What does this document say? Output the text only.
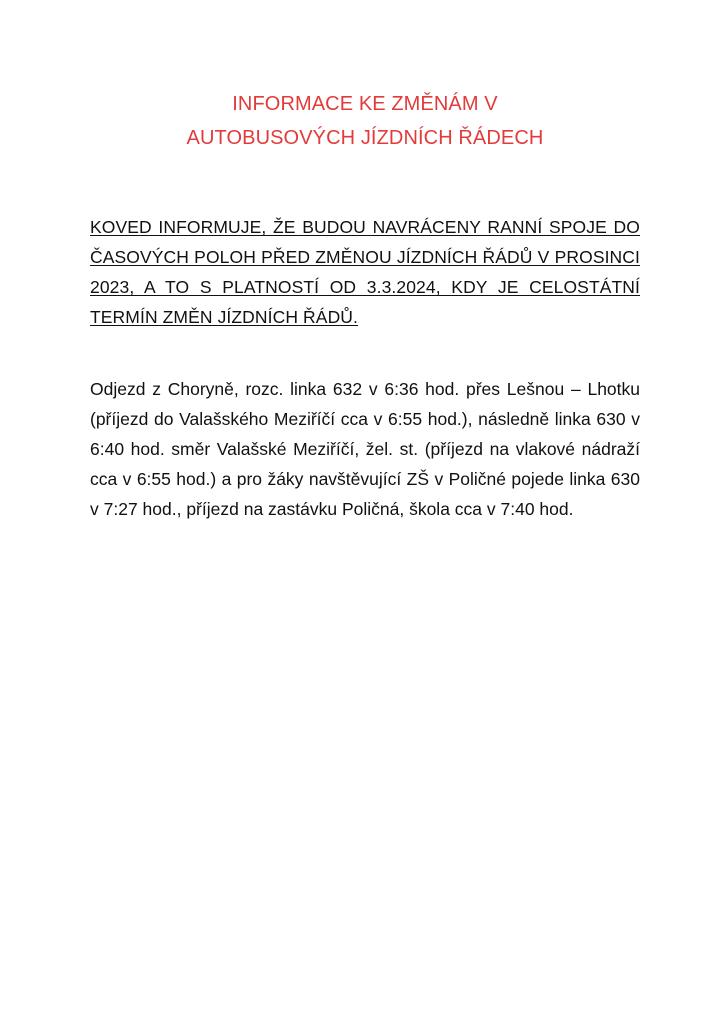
INFORMACE KE ZMĚNÁM V
AUTOBUSOVÝCH JÍZDNÍCH ŘÁDECH

KOVED INFORMUJE, ŽE BUDOU NAVRÁCENY RANNÍ SPOJE DO ČASOVÝCH POLOH PŘED ZMĚNOU JÍZDNÍCH ŘÁDŮ V PROSINCI 2023, A TO S PLATNOSTÍ OD 3.3.2024, KDY JE CELOSTÁTNÍ TERMÍN ZMĚN JÍZDNÍCH ŘÁDŮ.

Odjezd z Choryně, rozc. linka 632 v 6:36 hod. přes Lešnou – Lhotku (příjezd do Valašského Meziříčí cca v 6:55 hod.), následně linka 630 v 6:40 hod. směr Valašské Meziříčí, žel. st. (příjezd na vlakové nádraží cca v 6:55 hod.) a pro žáky navštěvující ZŠ v Poličné pojede linka 630 v 7:27 hod., příjezd na zastávku Poličná, škola cca v 7:40 hod.
